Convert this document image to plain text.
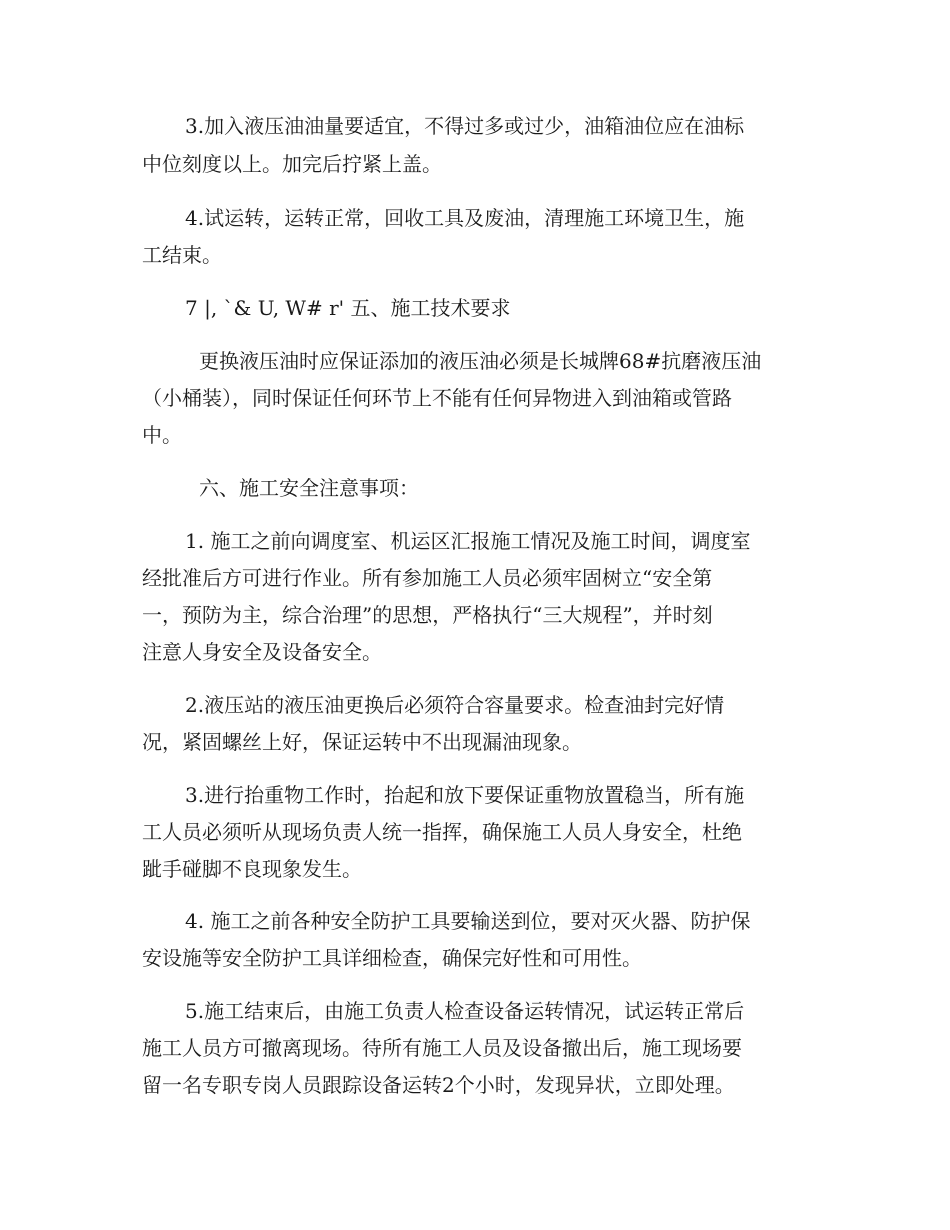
3.加入液压油油量要适宜，不得过多或过少，油箱油位应在油标
中位刻度以上。加完后拧紧上盖。
4.试运转，运转正常，回收工具及废油，清理施工环境卫生，施
工结束。
7 |, `& U, W# r' 五、施工技术要求
更换液压油时应保证添加的液压油必须是长城牌68#抗磨液压油
（小桶装），同时保证任何环节上不能有任何异物进入到油箱或管路
中。
六、施工安全注意事项：
1. 施工之前向调度室、机运区汇报施工情况及施工时间，调度室
经批准后方可进行作业。所有参加施工人员必须牢固树立“安全第
一，预防为主，综合治理”的思想，严格执行“三大规程”，并时刻
注意人身安全及设备安全。
2.液压站的液压油更换后必须符合容量要求。检查油封完好情
况，紧固螺丝上好，保证运转中不出现漏油现象。
3.进行抬重物工作时，抬起和放下要保证重物放置稳当，所有施
工人员必须听从现场负责人统一指挥，确保施工人员人身安全，杜绝
跐手碰脚不良现象发生。
4. 施工之前各种安全防护工具要输送到位，要对灭火器、防护保
安设施等安全防护工具详细检查，确保完好性和可用性。
5.施工结束后，由施工负责人检查设备运转情况，试运转正常后
施工人员方可撤离现场。待所有施工人员及设备撤出后，施工现场要
留一名专职专岗人员跟踪设备运转2个小时，发现异状，立即处理。
